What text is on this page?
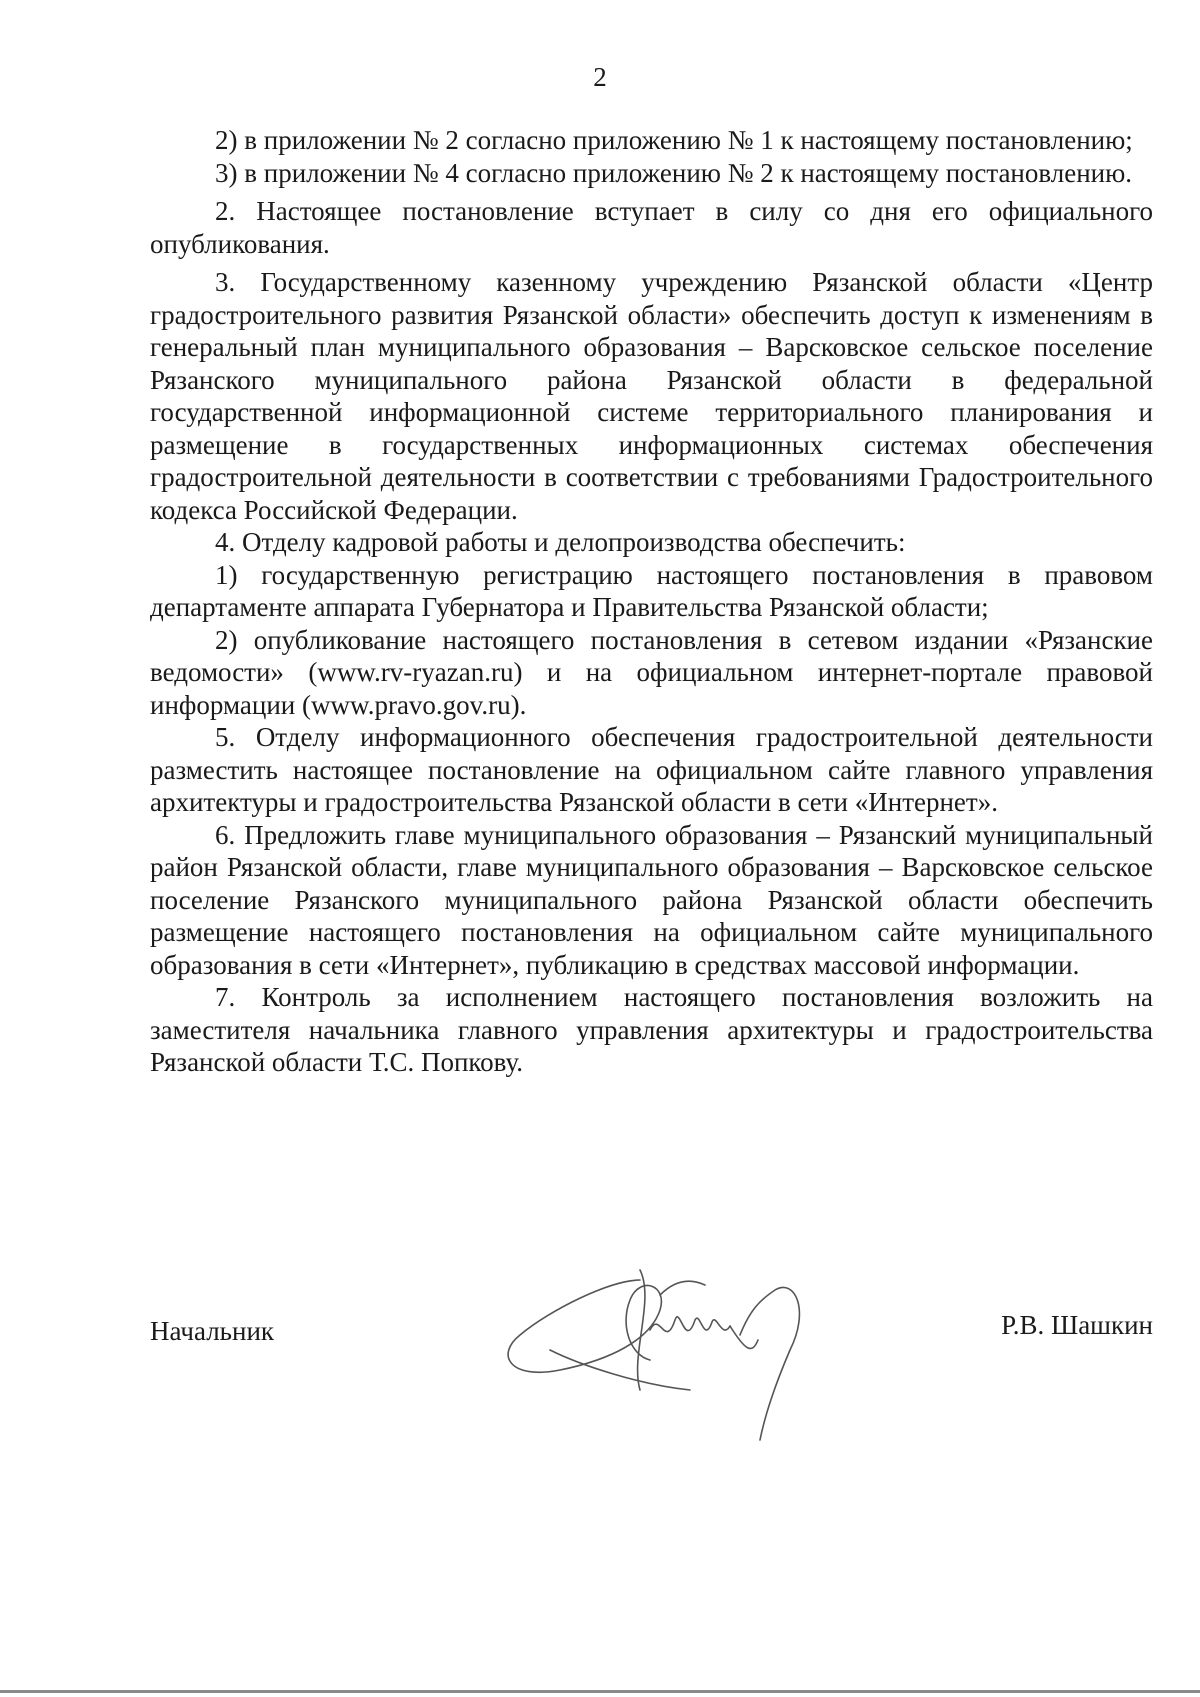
2

2) в приложении № 2 согласно приложению № 1 к настоящему постановлению;

3) в приложении № 4 согласно приложению № 2 к настоящему постановлению.

2. Настоящее постановление вступает в силу со дня его официального опубликования.

3. Государственному казенному учреждению Рязанской области «Центр градостроительного развития Рязанской области» обеспечить доступ к изменениям в генеральный план муниципального образования – Варсковское сельское поселение Рязанского муниципального района Рязанской области в федеральной государственной информационной системе территориального планирования и размещение в государственных информационных системах обеспечения градостроительной деятельности в соответствии с требованиями Градостроительного кодекса Российской Федерации.

4. Отделу кадровой работы и делопроизводства обеспечить:

1) государственную регистрацию настоящего постановления в правовом департаменте аппарата Губернатора и Правительства Рязанской области;

2) опубликование настоящего постановления в сетевом издании «Рязанские ведомости» (www.rv-ryazan.ru) и на официальном интернет-портале правовой информации (www.pravo.gov.ru).

5. Отделу информационного обеспечения градостроительной деятельности разместить настоящее постановление на официальном сайте главного управления архитектуры и градостроительства Рязанской области в сети «Интернет».

6. Предложить главе муниципального образования – Рязанский муниципальный район Рязанской области, главе муниципального образования – Варсковское сельское поселение Рязанского муниципального района Рязанской области обеспечить размещение настоящего постановления на официальном сайте муниципального образования в сети «Интернет», публикацию в средствах массовой информации.

7. Контроль за исполнением настоящего постановления возложить на заместителя начальника главного управления архитектуры и градостроительства Рязанской области Т.С. Попкову.

Начальник	Р.В. Шашкин
